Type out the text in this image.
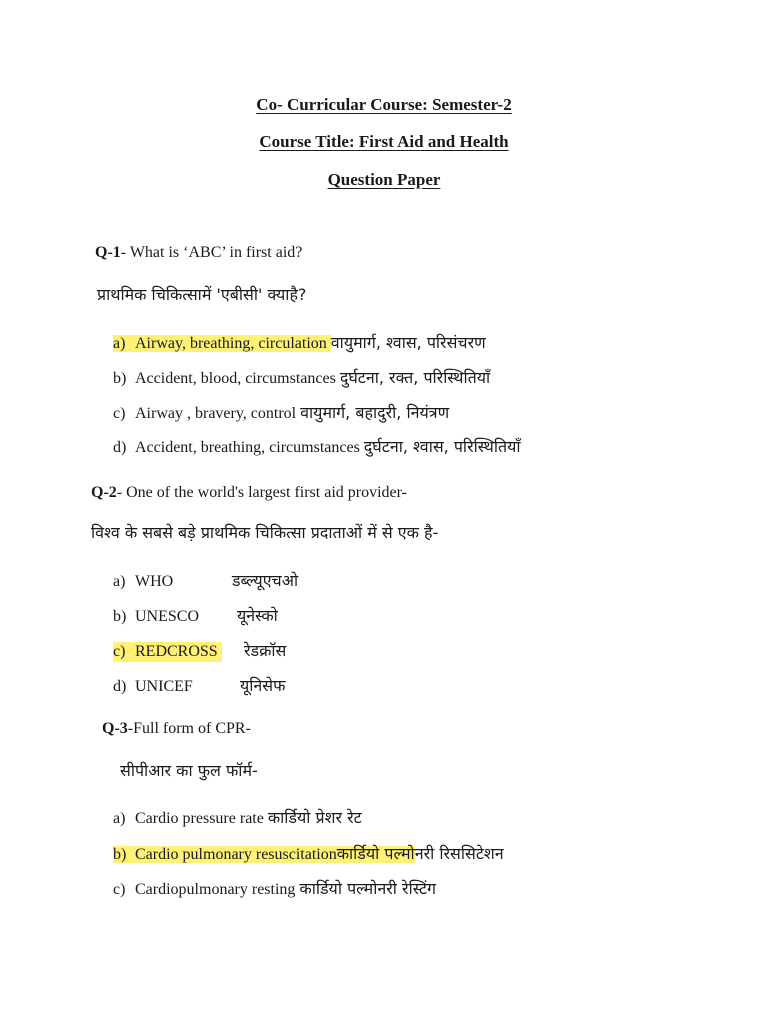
Co- Curricular Course: Semester-2
Course Title: First Aid and Health
Question Paper
Q-1- What is ‘ABC’ in first aid?
प्राथमिक चिकित्सामें 'एबीसी' क्याहै?
a) Airway, breathing, circulation वायुमार्ग, श्वास, परिसंचरण
b) Accident, blood, circumstances दुर्घटना, रक्त, परिस्थितियाँ
c) Airway , bravery, control वायुमार्ग, बहादुरी, नियंत्रण
d) Accident, breathing, circumstances दुर्घटना, श्वास, परिस्थितियाँ
Q-2- One of the world's largest first aid provider-
विश्व के सबसे बड़े प्राथमिक चिकित्सा प्रदाताओं में से एक है-
a) WHO	डब्ल्यूएचओ
b) UNESCO यूनेस्को
c) REDCROSS रेडक्रॉस
d) UNICEF	यूनिसेफ
Q-3-Full form of CPR-
सीपीआर का फुल फॉर्म-
a) Cardio pressure rate कार्डियो प्रेशर रेट
b) Cardio pulmonary resuscitationकार्डियो पल्मोनरी रिससिटेशन
c) Cardiopulmonary resting कार्डियो पल्मोनरी रेस्टिंग
